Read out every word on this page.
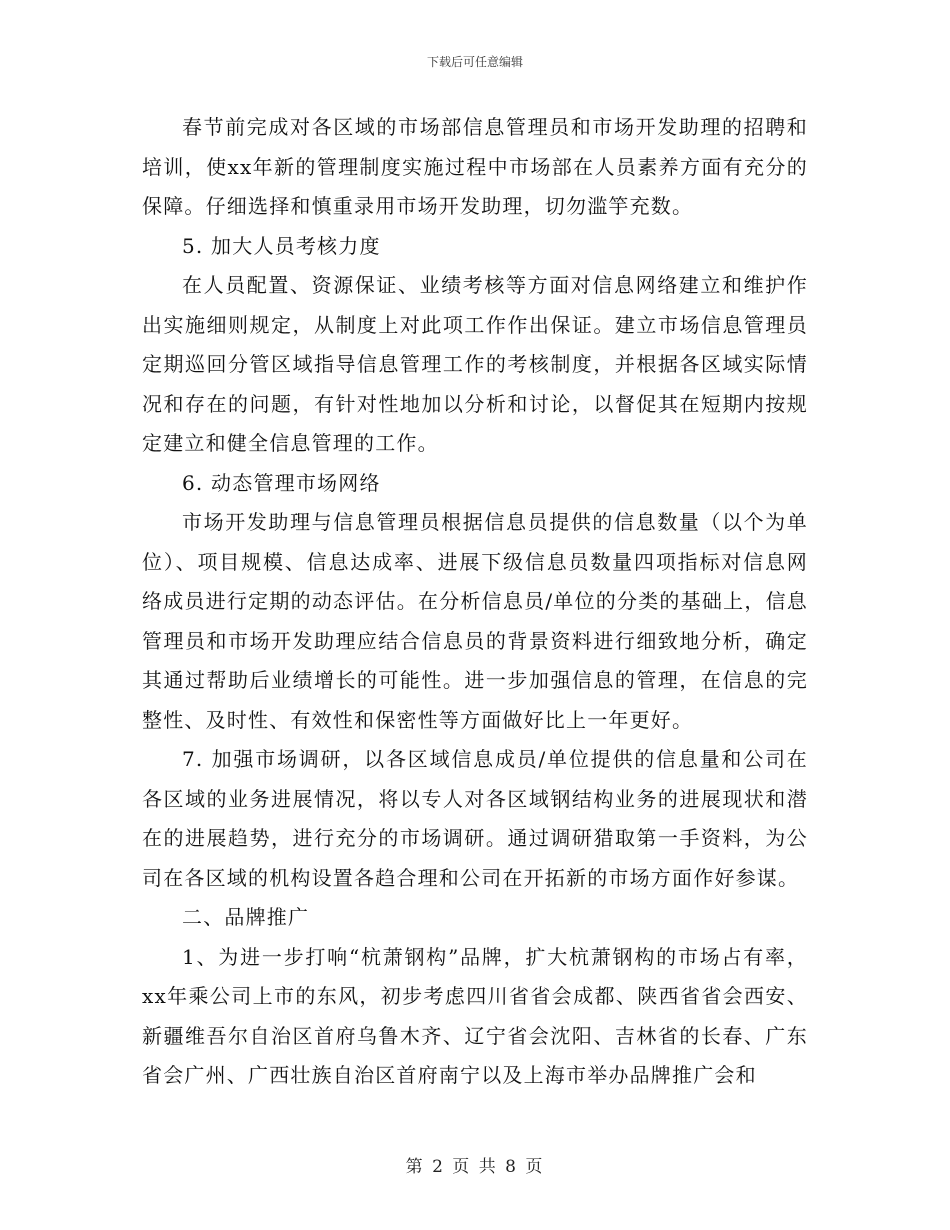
下载后可任意编辑

春节前完成对各区域的市场部信息管理员和市场开发助理的招聘和培训，使xx年新的管理制度实施过程中市场部在人员素养方面有充分的保障。仔细选择和慎重录用市场开发助理，切勿滥竽充数。

5. 加大人员考核力度

在人员配置、资源保证、业绩考核等方面对信息网络建立和维护作出实施细则规定，从制度上对此项工作作出保证。建立市场信息管理员定期巡回分管区域指导信息管理工作的考核制度，并根据各区域实际情况和存在的问题，有针对性地加以分析和讨论，以督促其在短期内按规定建立和健全信息管理的工作。

6. 动态管理市场网络

市场开发助理与信息管理员根据信息员提供的信息数量（以个为单位）、项目规模、信息达成率、进展下级信息员数量四项指标对信息网络成员进行定期的动态评估。在分析信息员/单位的分类的基础上，信息管理员和市场开发助理应结合信息员的背景资料进行细致地分析，确定其通过帮助后业绩增长的可能性。进一步加强信息的管理，在信息的完整性、及时性、有效性和保密性等方面做好比上一年更好。

7. 加强市场调研，以各区域信息成员/单位提供的信息量和公司在各区域的业务进展情况，将以专人对各区域钢结构业务的进展现状和潜在的进展趋势，进行充分的市场调研。通过调研猎取第一手资料，为公司在各区域的机构设置各趋合理和公司在开拓新的市场方面作好参谋。

二、品牌推广

1、为进一步打响“杭萧钢构”品牌，扩大杭萧钢构的市场占有率，xx年乘公司上市的东风，初步考虑四川省省会成都、陕西省省会西安、新疆维吾尔自治区首府乌鲁木齐、辽宁省会沈阳、吉林省的长春、广东省会广州、广西壮族自治区首府南宁以及上海市举办品牌推广会和

第 2 页 共 8 页
